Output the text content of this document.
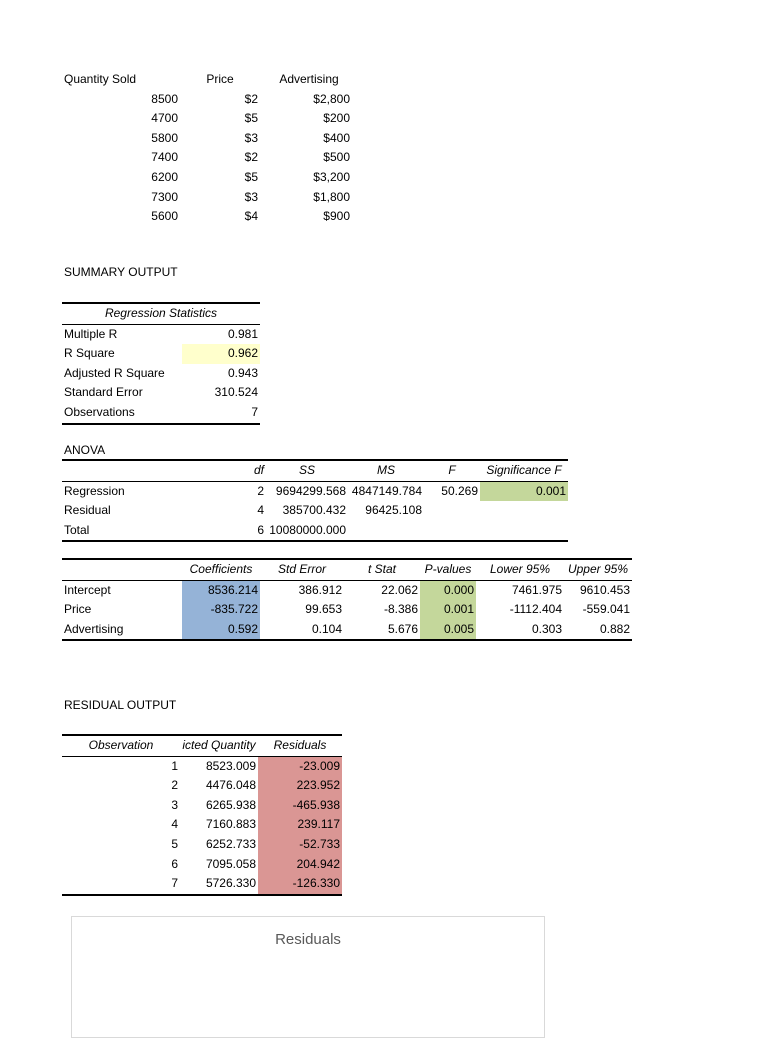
Quantity Sold	Price	Advertising
8500	$2	$2,800
4700	$5	$200
5800	$3	$400
7400	$2	$500
6200	$5	$3,200
7300	$3	$1,800
5600	$4	$900
SUMMARY OUTPUT
Regression Statistics	
Multiple R	0.981
R Square	0.962
Adjusted R Square	0.943
Standard Error	310.524
Observations	7
ANOVA
	df	SS	MS	F	Significance F
Regression	2	9694299.568	4847149.784	50.269	0.001
Residual	4	385700.432	96425.108		
Total	6	10080000.000			
	Coefficients	Std Error	t Stat	P-values	Lower 95%	Upper 95%
Intercept	8536.214	386.912	22.062	0.000	7461.975	9610.453
Price	-835.722	99.653	-8.386	0.001	-1112.404	-559.041
Advertising	0.592	0.104	5.676	0.005	0.303	0.882
RESIDUAL OUTPUT
Observation	icted Quantity	Residuals
1	8523.009	-23.009
2	4476.048	223.952
3	6265.938	-465.938
4	7160.883	239.117
5	6252.733	-52.733
6	7095.058	204.942
7	5726.330	-126.330
Residuals
